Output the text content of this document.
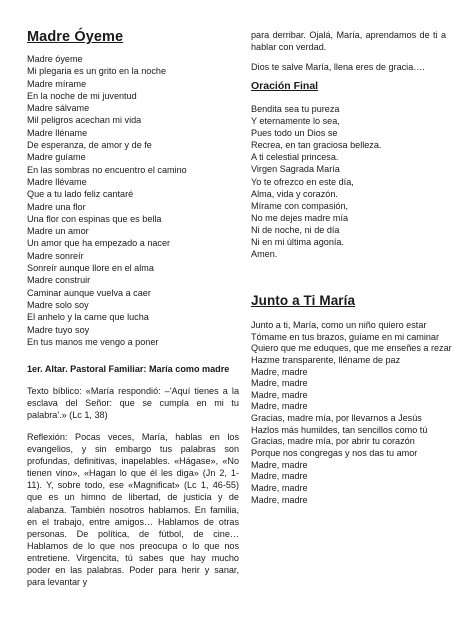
Madre Óyeme
Madre óyeme
Mi plegaria es un grito en la noche
Madre mírame
En la noche de mi juventud
Madre sálvame
Mil peligros acechan mi vida
Madre lléname
De esperanza, de amor y de fe
Madre guíame
En las sombras no encuentro el camino
Madre llévame
Que a tu lado feliz cantaré
Madre una flor
Una flor con espinas que es bella
Madre un amor
Un amor que ha empezado a nacer
Madre sonreír
Sonreír aunque llore en el alma
Madre construir
Caminar aunque vuelva a caer
Madre solo soy
El anhelo y la carne que lucha
Madre tuyo soy
En tus manos me vengo a poner
1er. Altar. Pastoral Familiar: María como madre

Texto bíblico: «María respondió: –'Aquí tienes a la esclava del Señor: que se cumpla en mi tu palabra'.» (Lc 1, 38)

Reflexión: Pocas veces, María, hablas en los evangelios, y sin embargo tus palabras son profundas, definitivas, inapelables. «Hágase», «No tienen vino», «Hagan lo que él les diga» (Jn 2, 1-11). Y, sobre todo, ese «Magnificat» (Lc 1, 46-55) que es un himno de libertad, de justicia y de alabanza. También nosotros hablamos. En familia, en el trabajo, entre amigos… Hablamos de otras personas. De política, de fútbol, de cine… Hablamos de lo que nos preocupa o lo que nos entretiene. Virgencita, tú sabes que hay mucho poder en las palabras. Poder para herir y sanar, para levantar y

para derribar. Ojalá, María, aprendamos de ti a hablar con verdad.

Dios te salve María, llena eres de gracia….

Oración Final
Bendita sea tu pureza
Y eternamente lo sea,
Pues todo un Dios se
Recrea, en tan graciosa belleza.
A ti celestial princesa.
Virgen Sagrada María
Yo te ofrezco en este día,
Alma, vida y corazón.
Mírame con compasión,
No me dejes madre mía
Ni de noche, ni de día
Ni en mi última agonía.
Amen.
Junto a Ti María
Junto a ti, María, como un niño quiero estar
Tómame en tus brazos, guíame en mi caminar
Quiero que me eduques, que me enseñes a rezar
Hazme transparente, lléname de paz
Madre, madre
Madre, madre
Madre, madre
Madre, madre
Gracias, madre mía, por llevarnos a Jesús
Hazlos más humildes, tan sencillos como tú
Gracias, madre mía, por abrir tu corazón
Porque nos congregas y nos das tu amor
Madre, madre
Madre, madre
Madre, madre
Madre, madre
